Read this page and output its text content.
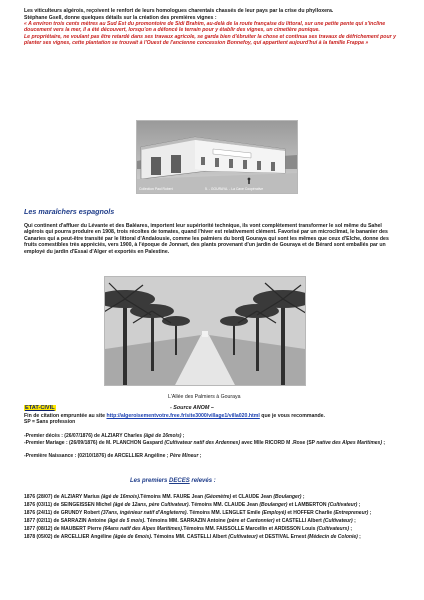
Les viticulteurs algérois, reçoivent le renfort de leurs homologues charentais chassés de leur pays par la crise du phylloxera.

Stéphane Gsell, donne quelques détails sur la création des premières vignes :

« A environ trois cents mètres au Sud Est du promontoire de Sidi Brahim, au-delà de la route française du littoral, sur une petite pente qui s'incline doucement vers la mer, il a été découvert, lorsqu'on a défoncé le terrain pour y établir des vignes, un cimetière punique.

Le propriétaire, ne voulant pas être retardé dans ses travaux agricole, se garda bien d'ébruiter la chose et continua ses travaux de défrichement pour y planter ses vignes, cette plantation se trouvait à l'Ouest de l'ancienne concession Bonnefoy, qui appartient aujourd'hui à la famille Frappa »

Collection Paul Robert	5. - GOURAYA. - La Cave Coopérative

Les maraîchers espagnols

Qui continent d'affluer du Lévante et des Baléares, importent leur supériorité technique, ils vont complètement transformer le sol même du Sahel algérois qui pourra produire en 1908, trois récoltes de tomates, quand l'hiver est relativement clément. Favorisé par un microclimat, le bananier des Canaries qui a peut-être transité par le littoral d'Andalousie, comme les palmiers du bordj Gouraya qui sont les mêmes que ceux d'Elche, donne des fruits comestibles très appréciés, vers 1900, à l'époque de Jonnart, des plants provenant d'un jardin de Gouraya et de Bérard sont emballés par un employé du jardin d'Essai d'Alger et exportés en Palestine.

L'Allée des Palmiers à Gouraya

Fin de citation empruntée au site http://algeroisementvotre.free.fr/site3000/village1/villa020.html que je vous recommande.

ETAT-CIVIL	- Source ANOM –

SP = Sans profession

-Premier décès : (26/07/1876) de ALZIARY Charles (âgé de 16mois) ;

-Premier Mariage : (26/09/1876) de M. PLANCHON Gaspard (Cultivateur natif des Ardennes) avec Mlle RICORD M .Rose (SP native des Alpes Maritimes) ;

-Première Naissance : (02/10/1876) de ARCELLIER Angéline ; Père Mineur ;

Les premiers DECES relevés :

1876 (28/07) de ALZIARY Marius (âgé de 16mois).Témoins MM. FAURE Jean (Géomètre) et CLAUDE Jean (Boulanger) ;

1876 (03/11) de SEINGEISSEN Michel (âgé de 12ans, père Cultivateur). Témoins MM. CLAUDE Jean (Boulanger) et LAMBERTON (Cultivateur) ;

1876 (24/11) de GRUNDY Robert (37ans, ingénieur natif d'Angleterre). Témoins MM. LENGLET Emile (Employé) et HOFFER Charlie (Entrepreneur) ;

1877 (02/11) de SARRAZIN Antoine (âgé de 5 mois). Témoins MM. SARRAZIN Antoine (père et Cantonnier) et CASTELLI Albert (Cultivateur) ;

1877 (08/12) de MAUBERT Pierre (64ans natif des Alpes Maritimes).Témoins MM. FAISSOLLE Marcellin et ARDISSON Louis (Cultivateurs) ;

1878 (05/02) de ARCELLIER Angéline (âgée de 6mois). Témoins MM. CASTELLI Albert (Cultivateur) et DESTIVAL Ernest (Médecin de Colonie) ;
